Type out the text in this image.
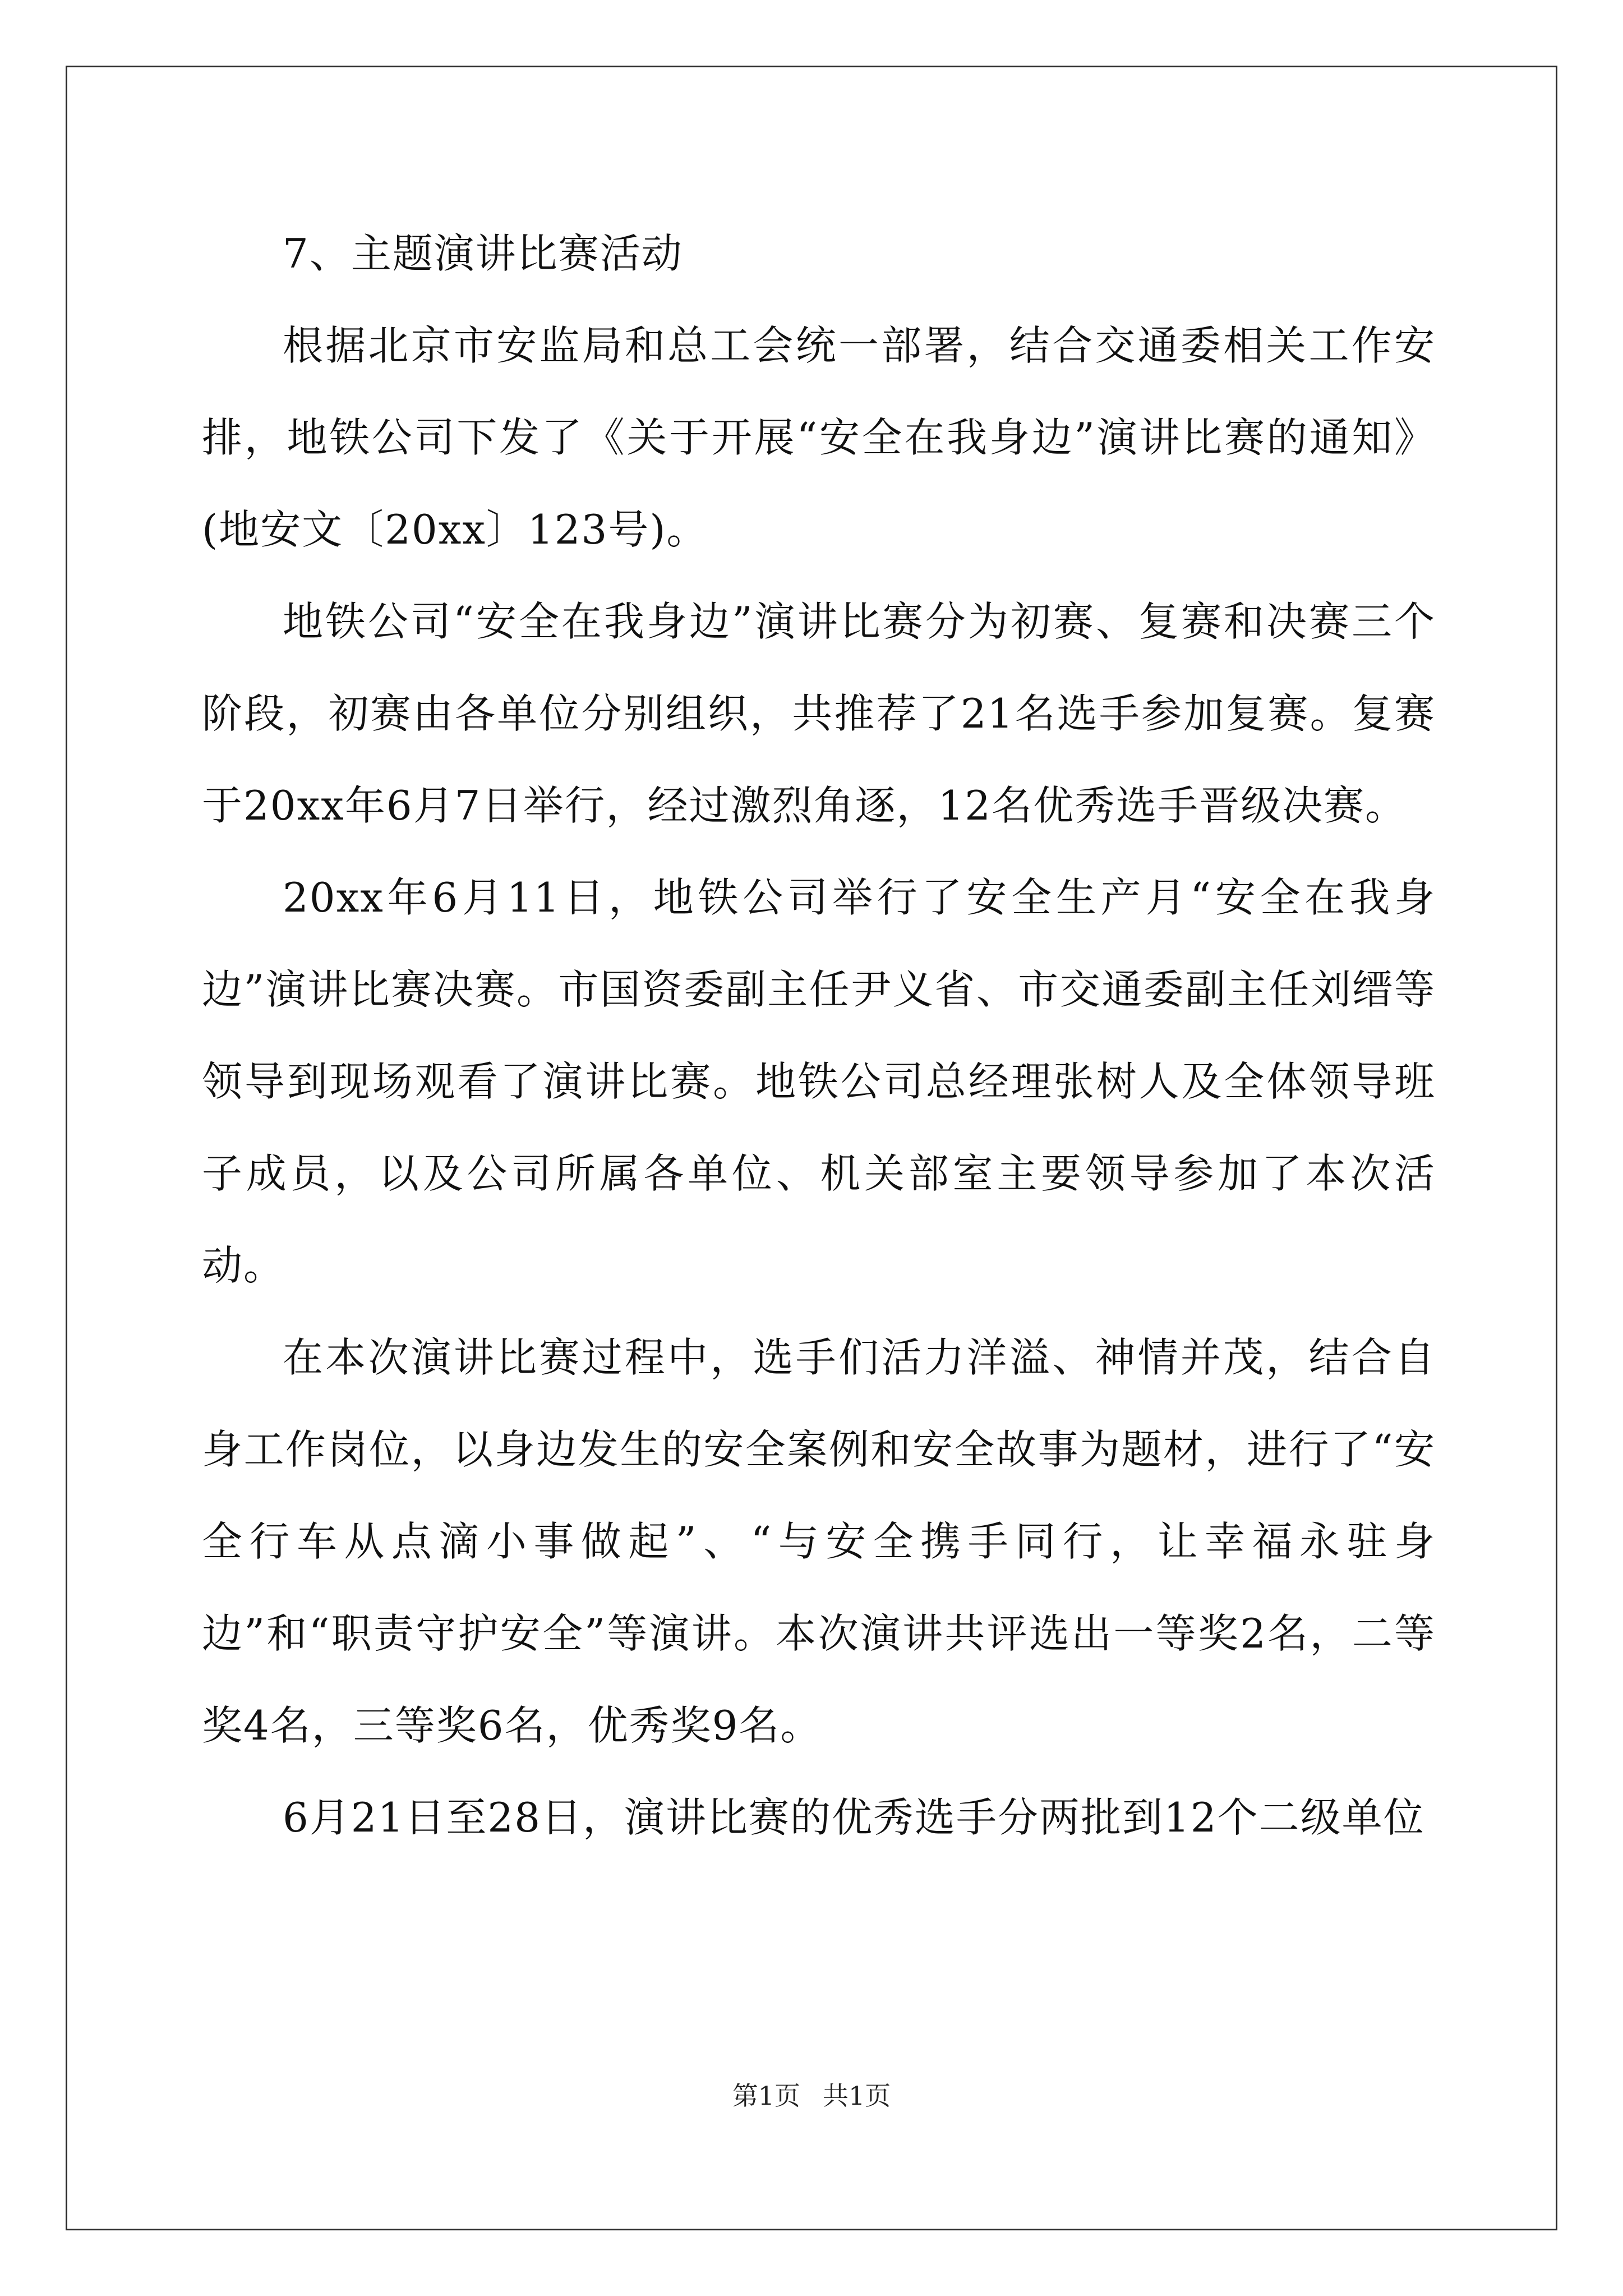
7、主题演讲比赛活动

根据北京市安监局和总工会统一部署，结合交通委相关工作安排，地铁公司下发了《关于开展“安全在我身边”演讲比赛的通知》(地安文〔20xx〕123号)。

地铁公司“安全在我身边”演讲比赛分为初赛、复赛和决赛三个阶段，初赛由各单位分别组织，共推荐了21名选手参加复赛。复赛于20xx年6月7日举行，经过激烈角逐，12名优秀选手晋级决赛。

20xx年6月11日，地铁公司举行了安全生产月“安全在我身边”演讲比赛决赛。市国资委副主任尹义省、市交通委副主任刘缙等领导到现场观看了演讲比赛。地铁公司总经理张树人及全体领导班子成员，以及公司所属各单位、机关部室主要领导参加了本次活动。

在本次演讲比赛过程中，选手们活力洋溢、神情并茂，结合自身工作岗位，以身边发生的安全案例和安全故事为题材，进行了“安全行车从点滴小事做起”、“与安全携手同行，让幸福永驻身边”和“职责守护安全”等演讲。本次演讲共评选出一等奖2名，二等奖4名，三等奖6名，优秀奖9名。

6月21日至28日，演讲比赛的优秀选手分两批到12个二级单位

第1页 共1页
